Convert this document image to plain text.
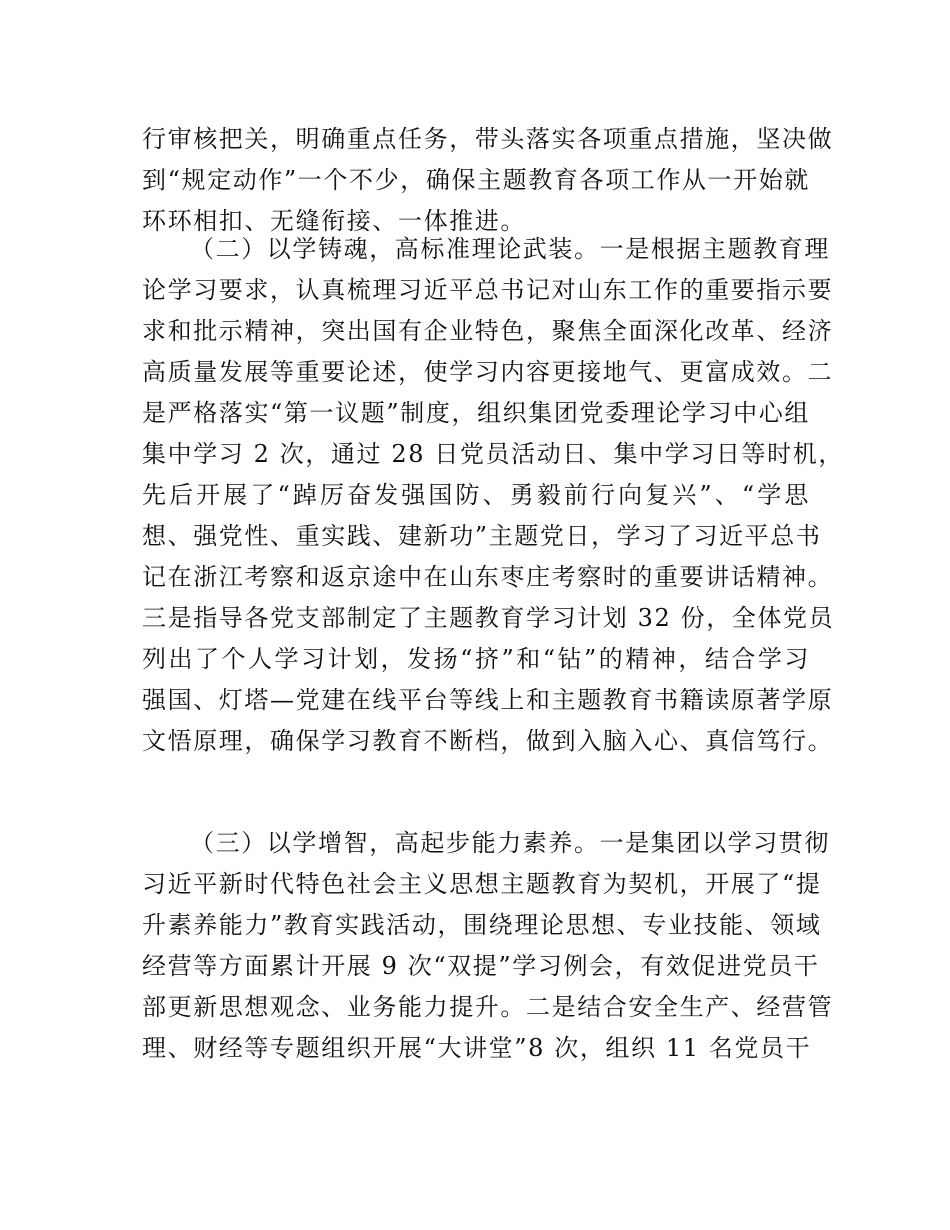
行审核把关，明确重点任务，带头落实各项重点措施，坚决做
到“规定动作”一个不少，确保主题教育各项工作从一开始就
环环相扣、无缝衔接、一体推进。
（二）以学铸魂，高标准理论武装。一是根据主题教育理
论学习要求，认真梳理习近平总书记对山东工作的重要指示要
求和批示精神，突出国有企业特色，聚焦全面深化改革、经济
高质量发展等重要论述，使学习内容更接地气、更富成效。二
是严格落实“第一议题”制度，组织集团党委理论学习中心组
集中学习 2 次，通过 28 日党员活动日、集中学习日等时机，
先后开展了“踔厉奋发强国防、勇毅前行向复兴”、“学思
想、强党性、重实践、建新功”主题党日，学习了习近平总书
记在浙江考察和返京途中在山东枣庄考察时的重要讲话精神。
三是指导各党支部制定了主题教育学习计划 32 份，全体党员
列出了个人学习计划，发扬“挤”和“钻”的精神，结合学习
强国、灯塔—党建在线平台等线上和主题教育书籍读原著学原
文悟原理，确保学习教育不断档，做到入脑入心、真信笃行。
（三）以学增智，高起步能力素养。一是集团以学习贯彻
习近平新时代特色社会主义思想主题教育为契机，开展了“提
升素养能力”教育实践活动，围绕理论思想、专业技能、领域
经营等方面累计开展 9 次“双提”学习例会，有效促进党员干
部更新思想观念、业务能力提升。二是结合安全生产、经营管
理、财经等专题组织开展“大讲堂”8 次，组织 11 名党员干
